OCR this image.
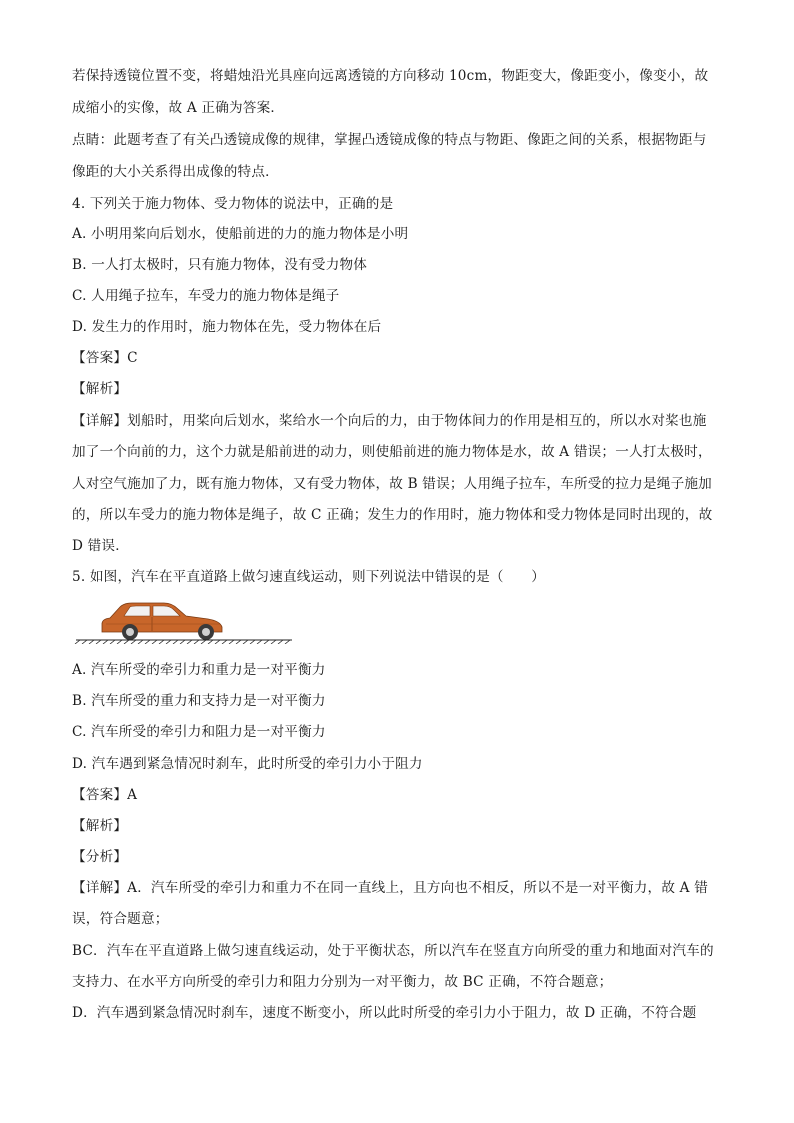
若保持透镜位置不变，将蜡烛沿光具座向远离透镜的方向移动 10cm，物距变大，像距变小，像变小，故
成缩小的实像，故 A 正确为答案．
点睛：此题考查了有关凸透镜成像的规律，掌握凸透镜成像的特点与物距、像距之间的关系，根据物距与
像距的大小关系得出成像的特点．
4. 下列关于施力物体、受力物体的说法中，正确的是
A. 小明用桨向后划水，使船前进的力的施力物体是小明
B. 一人打太极时，只有施力物体，没有受力物体
C. 人用绳子拉车，车受力的施力物体是绳子
D. 发生力的作用时，施力物体在先，受力物体在后
【答案】C
【解析】
【详解】划船时，用桨向后划水，桨给水一个向后的力，由于物体间力的作用是相互的，所以水对桨也施
加了一个向前的力，这个力就是船前进的动力，则使船前进的施力物体是水，故 A 错误；一人打太极时，
人对空气施加了力，既有施力物体，又有受力物体，故 B 错误；人用绳子拉车，车所受的拉力是绳子施加
的，所以车受力的施力物体是绳子，故 C 正确；发生力的作用时，施力物体和受力物体是同时出现的，故
D 错误．
5. 如图，汽车在平直道路上做匀速直线运动，则下列说法中错误的是（　　）
A. 汽车所受的牵引力和重力是一对平衡力
B. 汽车所受的重力和支持力是一对平衡力
C. 汽车所受的牵引力和阻力是一对平衡力
D. 汽车遇到紧急情况时刹车，此时所受的牵引力小于阻力
【答案】A
【解析】
【分析】
【详解】A．汽车所受的牵引力和重力不在同一直线上，且方向也不相反，所以不是一对平衡力，故 A 错
误，符合题意；
BC．汽车在平直道路上做匀速直线运动，处于平衡状态，所以汽车在竖直方向所受的重力和地面对汽车的
支持力、在水平方向所受的牵引力和阻力分别为一对平衡力，故 BC 正确，不符合题意；
D．汽车遇到紧急情况时刹车，速度不断变小，所以此时所受的牵引力小于阻力，故 D 正确，不符合题
